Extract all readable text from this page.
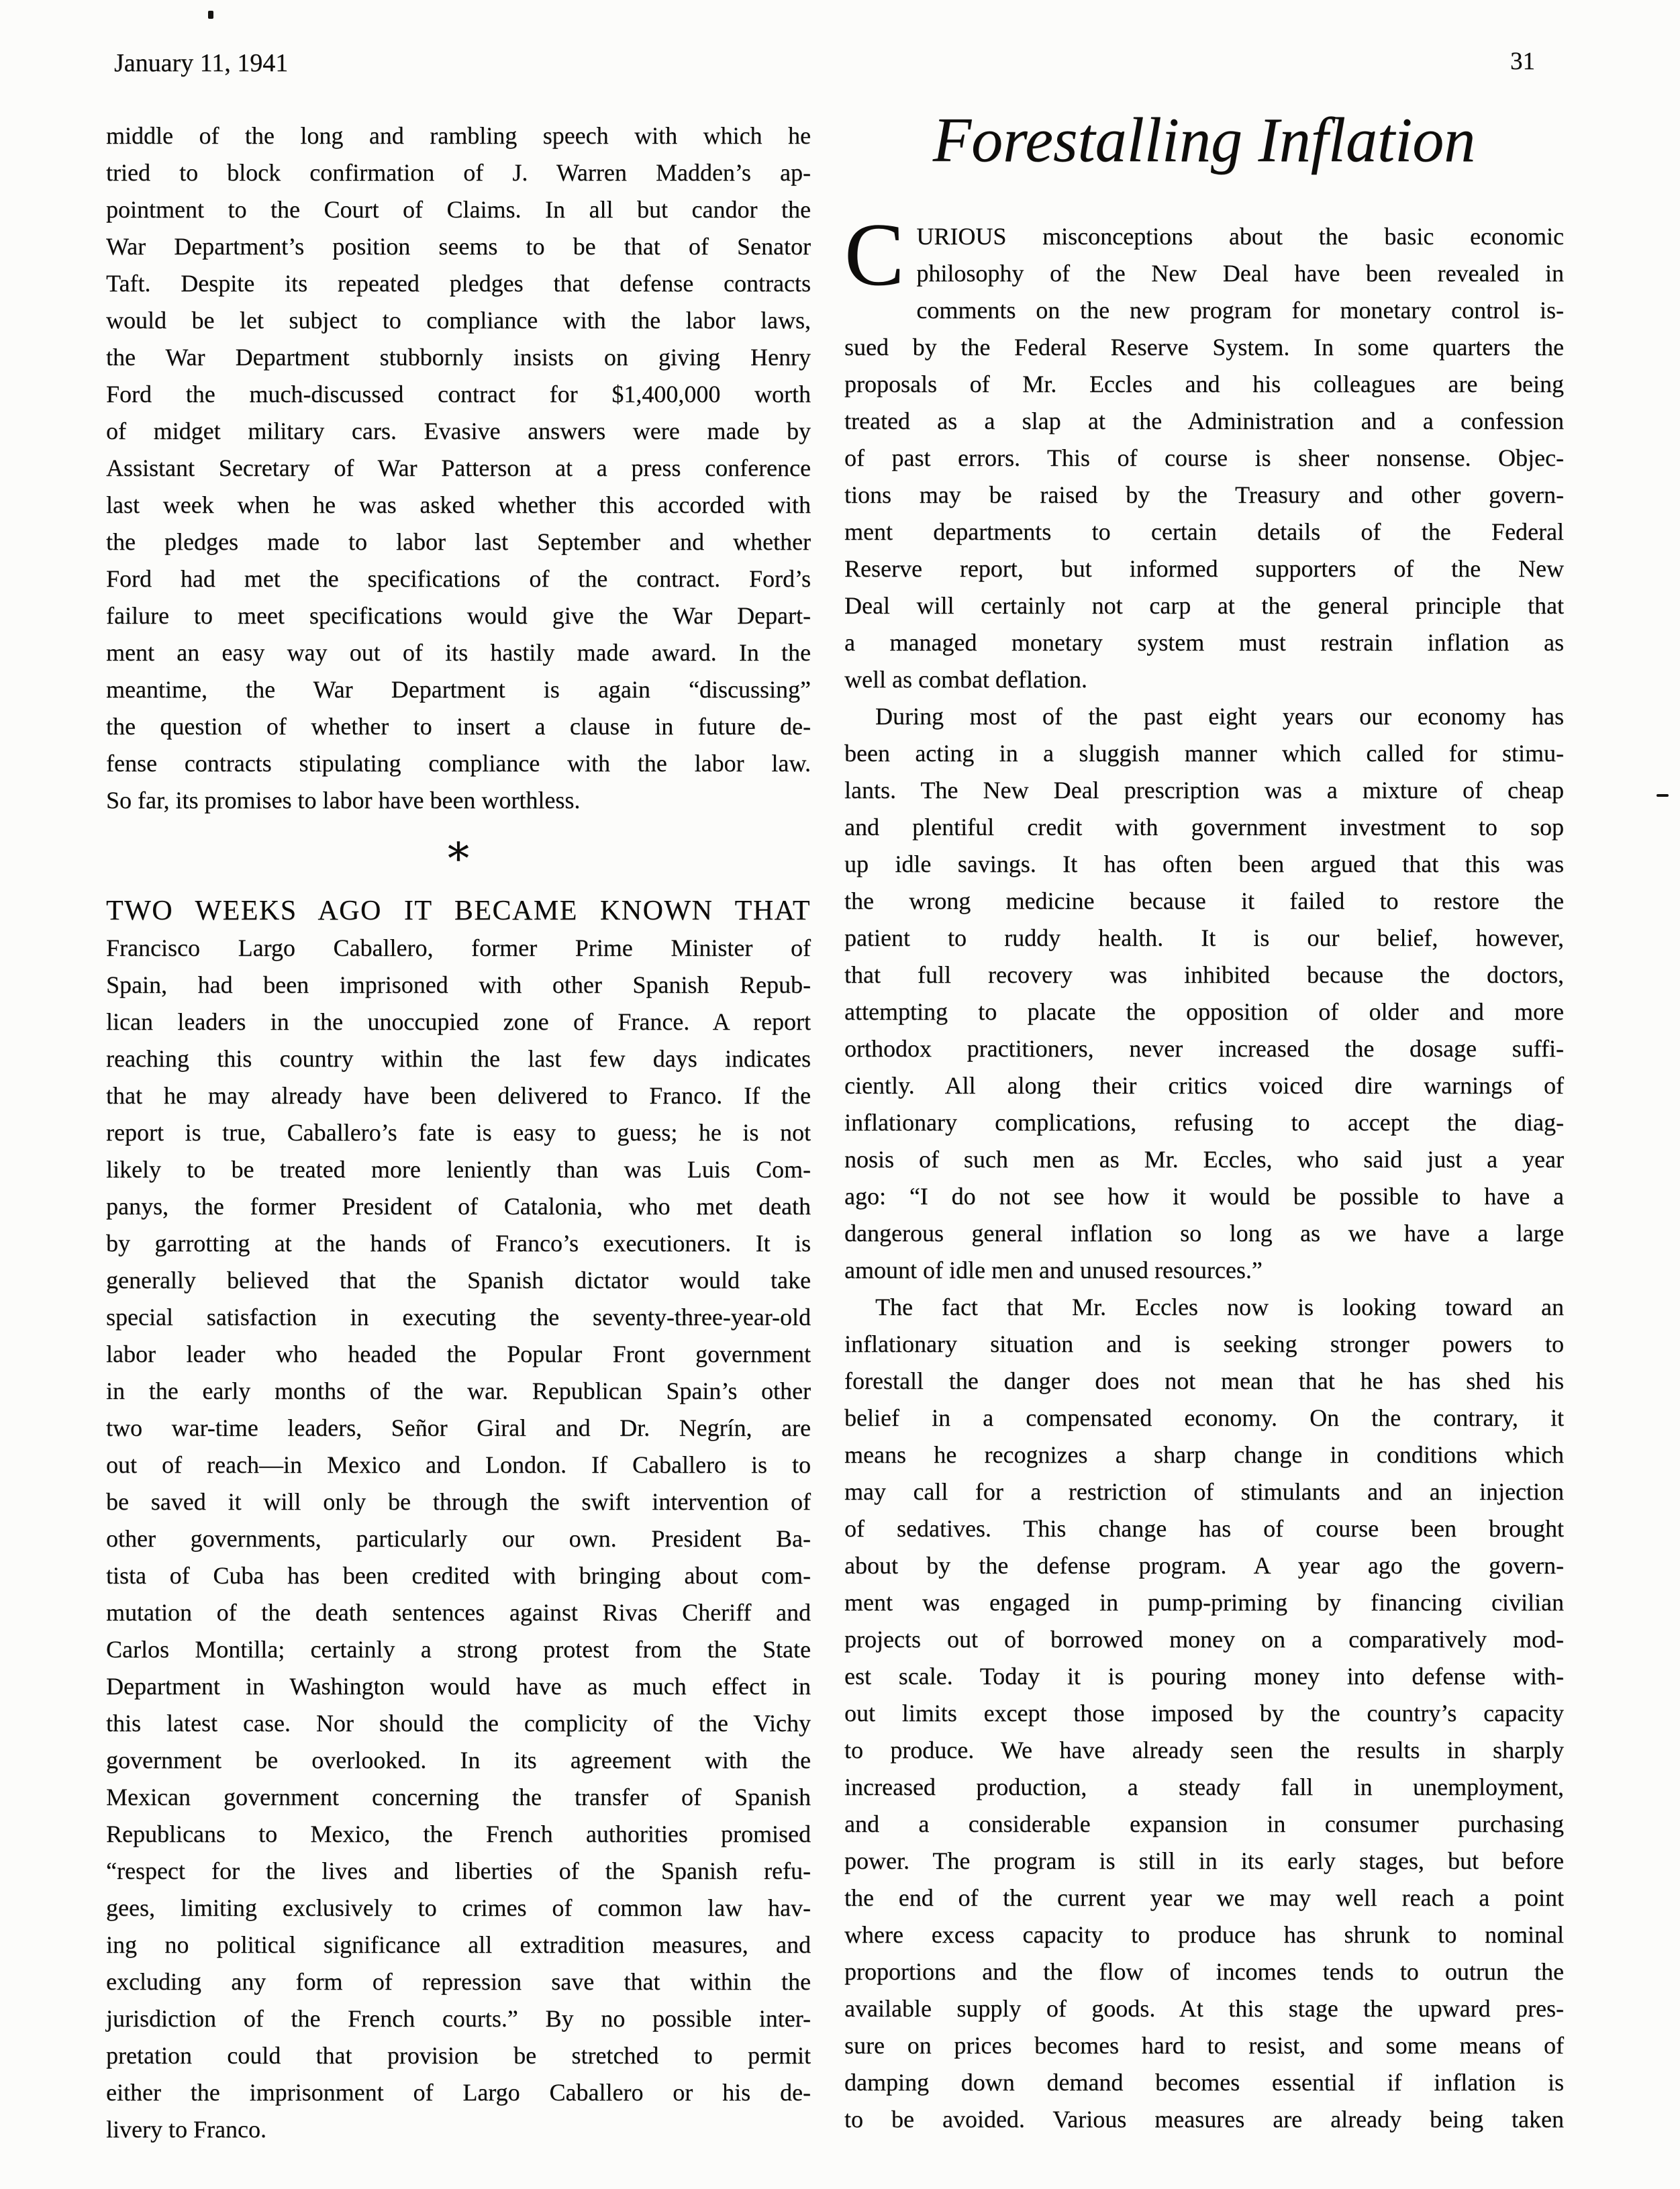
January 11, 1941	31
middle of the long and rambling speech with which he
tried to block confirmation of J. Warren Madden’s ap-
pointment to the Court of Claims. In all but candor the
War Department’s position seems to be that of Senator
Taft. Despite its repeated pledges that defense contracts
would be let subject to compliance with the labor laws,
the War Department stubbornly insists on giving Henry
Ford the much-discussed contract for $1,400,000 worth
of midget military cars. Evasive answers were made by
Assistant Secretary of War Patterson at a press conference
last week when he was asked whether this accorded with
the pledges made to labor last September and whether
Ford had met the specifications of the contract. Ford’s
failure to meet specifications would give the War Depart-
ment an easy way out of its hastily made award. In the
meantime, the War Department is again “discussing”
the question of whether to insert a clause in future de-
fense contracts stipulating compliance with the labor law.
So far, its promises to labor have been worthless.
∗
TWO WEEKS AGO IT BECAME KNOWN THAT
Francisco Largo Caballero, former Prime Minister of
Spain, had been imprisoned with other Spanish Repub-
lican leaders in the unoccupied zone of France. A report
reaching this country within the last few days indicates
that he may already have been delivered to Franco. If the
report is true, Caballero’s fate is easy to guess; he is not
likely to be treated more leniently than was Luis Com-
panys, the former President of Catalonia, who met death
by garrotting at the hands of Franco’s executioners. It is
generally believed that the Spanish dictator would take
special satisfaction in executing the seventy-three-year-old
labor leader who headed the Popular Front government
in the early months of the war. Republican Spain’s other
two war-time leaders, Señor Giral and Dr. Negrín, are
out of reach—in Mexico and London. If Caballero is to
be saved it will only be through the swift intervention of
other governments, particularly our own. President Ba-
tista of Cuba has been credited with bringing about com-
mutation of the death sentences against Rivas Cheriff and
Carlos Montilla; certainly a strong protest from the State
Department in Washington would have as much effect in
this latest case. Nor should the complicity of the Vichy
government be overlooked. In its agreement with the
Mexican government concerning the transfer of Spanish
Republicans to Mexico, the French authorities promised
“respect for the lives and liberties of the Spanish refu-
gees, limiting exclusively to crimes of common law hav-
ing no political significance all extradition measures, and
excluding any form of repression save that within the
jurisdiction of the French courts.” By no possible inter-
pretation could that provision be stretched to permit
either the imprisonment of Largo Caballero or his de-
livery to Franco.
Forestalling Inflation
C URIOUS misconceptions about the basic economic
philosophy of the New Deal have been revealed in
comments on the new program for monetary control is-
sued by the Federal Reserve System. In some quarters the
proposals of Mr. Eccles and his colleagues are being
treated as a slap at the Administration and a confession
of past errors. This of course is sheer nonsense. Objec-
tions may be raised by the Treasury and other govern-
ment departments to certain details of the Federal
Reserve report, but informed supporters of the New
Deal will certainly not carp at the general principle that
a managed monetary system must restrain inflation as
well as combat deflation.
During most of the past eight years our economy has
been acting in a sluggish manner which called for stimu-
lants. The New Deal prescription was a mixture of cheap
and plentiful credit with government investment to sop
up idle savings. It has often been argued that this was
the wrong medicine because it failed to restore the
patient to ruddy health. It is our belief, however,
that full recovery was inhibited because the doctors,
attempting to placate the opposition of older and more
orthodox practitioners, never increased the dosage suffi-
ciently. All along their critics voiced dire warnings of
inflationary complications, refusing to accept the diag-
nosis of such men as Mr. Eccles, who said just a year
ago: “I do not see how it would be possible to have a
dangerous general inflation so long as we have a large
amount of idle men and unused resources.”
The fact that Mr. Eccles now is looking toward an
inflationary situation and is seeking stronger powers to
forestall the danger does not mean that he has shed his
belief in a compensated economy. On the contrary, it
means he recognizes a sharp change in conditions which
may call for a restriction of stimulants and an injection
of sedatives. This change has of course been brought
about by the defense program. A year ago the govern-
ment was engaged in pump-priming by financing civilian
projects out of borrowed money on a comparatively mod-
est scale. Today it is pouring money into defense with-
out limits except those imposed by the country’s capacity
to produce. We have already seen the results in sharply
increased production, a steady fall in unemployment,
and a considerable expansion in consumer purchasing
power. The program is still in its early stages, but before
the end of the current year we may well reach a point
where excess capacity to produce has shrunk to nominal
proportions and the flow of incomes tends to outrun the
available supply of goods. At this stage the upward pres-
sure on prices becomes hard to resist, and some means of
damping down demand becomes essential if inflation is
to be avoided. Various measures are already being taken
